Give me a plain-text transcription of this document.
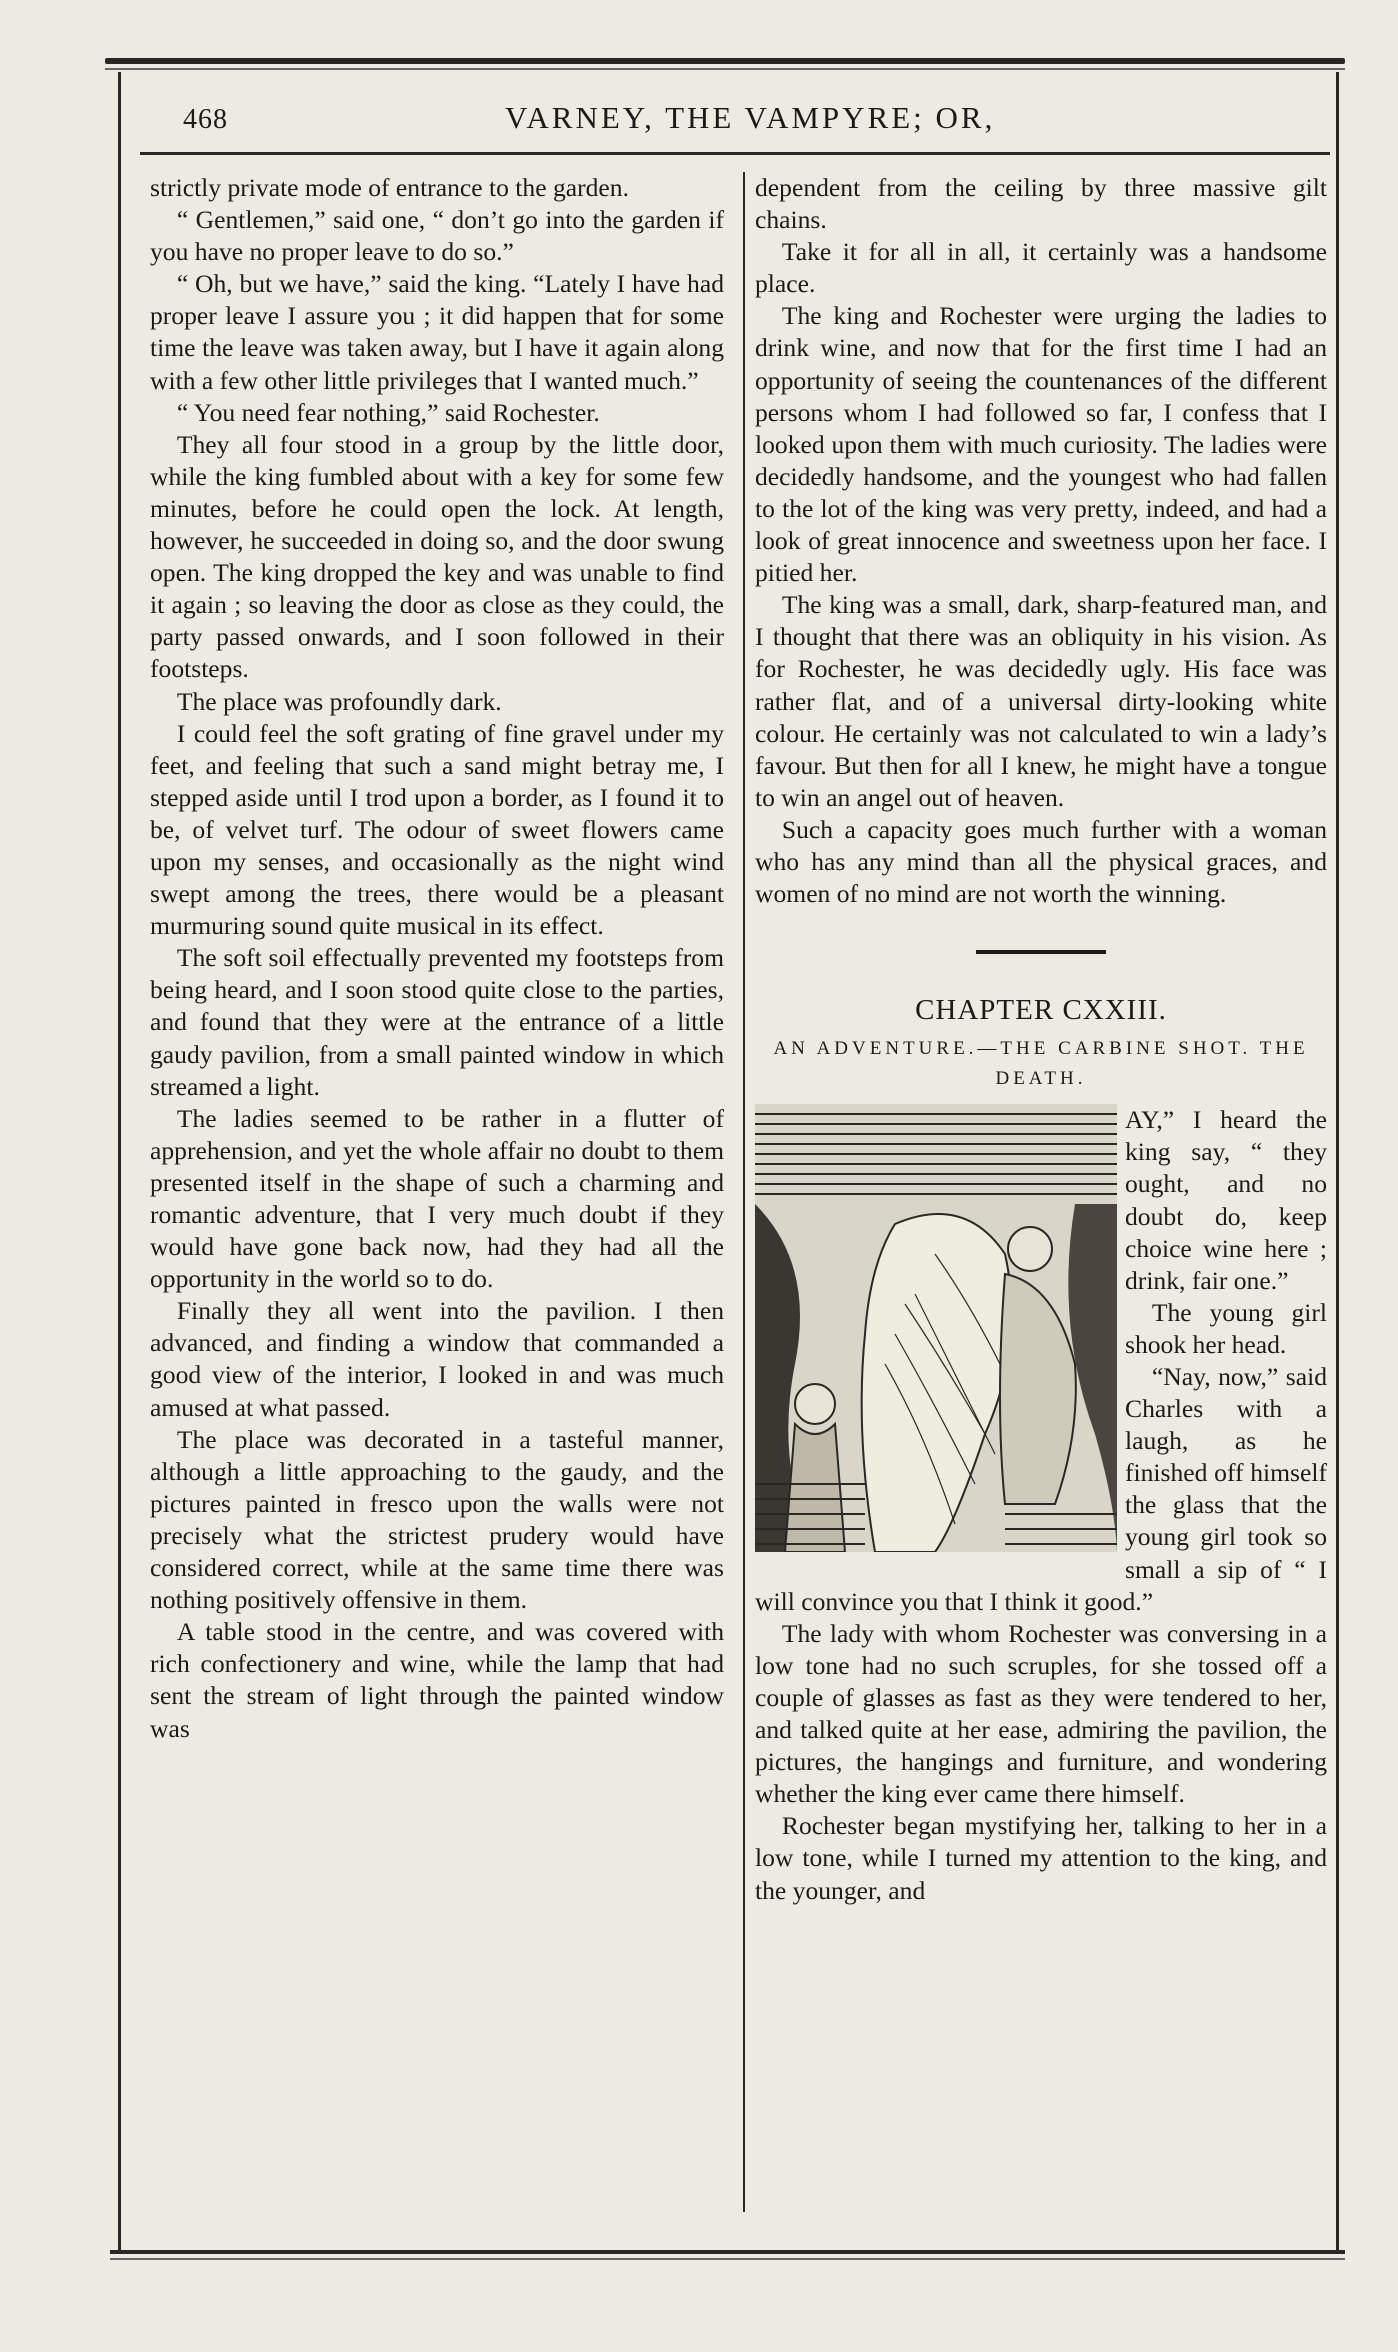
468	VARNEY, THE VAMPYRE; OR,

strictly private mode of entrance to the garden.

“ Gentlemen,” said one, “ don’t go into the garden if you have no proper leave to do so.”

“ Oh, but we have,” said the king. “Lately I have had proper leave I assure you ; it did happen that for some time the leave was taken away, but I have it again along with a few other little privileges that I wanted much.”

“ You need fear nothing,” said Rochester.

They all four stood in a group by the little door, while the king fumbled about with a key for some few minutes, before he could open the lock. At length, however, he succeeded in doing so, and the door swung open. The king dropped the key and was unable to find it again ; so leaving the door as close as they could, the party passed onwards, and I soon followed in their footsteps.

The place was profoundly dark.

I could feel the soft grating of fine gravel under my feet, and feeling that such a sand might betray me, I stepped aside until I trod upon a border, as I found it to be, of velvet turf. The odour of sweet flowers came upon my senses, and occasionally as the night wind swept among the trees, there would be a pleasant murmuring sound quite musical in its effect.

The soft soil effectually prevented my footsteps from being heard, and I soon stood quite close to the parties, and found that they were at the entrance of a little gaudy pavilion, from a small painted window in which streamed a light.

The ladies seemed to be rather in a flutter of apprehension, and yet the whole affair no doubt to them presented itself in the shape of such a charming and romantic adventure, that I very much doubt if they would have gone back now, had they had all the opportunity in the world so to do.

Finally they all went into the pavilion. I then advanced, and finding a window that commanded a good view of the interior, I looked in and was much amused at what passed.

The place was decorated in a tasteful manner, although a little approaching to the gaudy, and the pictures painted in fresco upon the walls were not precisely what the strictest prudery would have considered correct, while at the same time there was nothing positively offensive in them.

A table stood in the centre, and was covered with rich confectionery and wine, while the lamp that had sent the stream of light through the painted window was

dependent from the ceiling by three massive gilt chains.

Take it for all in all, it certainly was a handsome place.

The king and Rochester were urging the ladies to drink wine, and now that for the first time I had an opportunity of seeing the countenances of the different persons whom I had followed so far, I confess that I looked upon them with much curiosity. The ladies were decidedly handsome, and the youngest who had fallen to the lot of the king was very pretty, indeed, and had a look of great innocence and sweetness upon her face. I pitied her.

The king was a small, dark, sharp-featured man, and I thought that there was an obliquity in his vision. As for Rochester, he was decidedly ugly. His face was rather flat, and of a universal dirty-looking white colour. He certainly was not calculated to win a lady’s favour. But then for all I knew, he might have a tongue to win an angel out of heaven.

Such a capacity goes much further with a woman who has any mind than all the physical graces, and women of no mind are not worth the winning.

CHAPTER CXXIII.
AN ADVENTURE.—THE CARBINE SHOT. THE DEATH.

AY,” I heard the king say, “ they ought, and no doubt do, keep choice wine here ; drink, fair one.”

The young girl shook her head.

“Nay, now,” said Charles with a laugh, as he finished off himself the glass that the young girl took so small a sip of “ I will convince you that I think it good.”

The lady with whom Rochester was conversing in a low tone had no such scruples, for she tossed off a couple of glasses as fast as they were tendered to her, and talked quite at her ease, admiring the pavilion, the pictures, the hangings and furniture, and wondering whether the king ever came there himself.

Rochester began mystifying her, talking to her in a low tone, while I turned my attention to the king, and the younger, and
